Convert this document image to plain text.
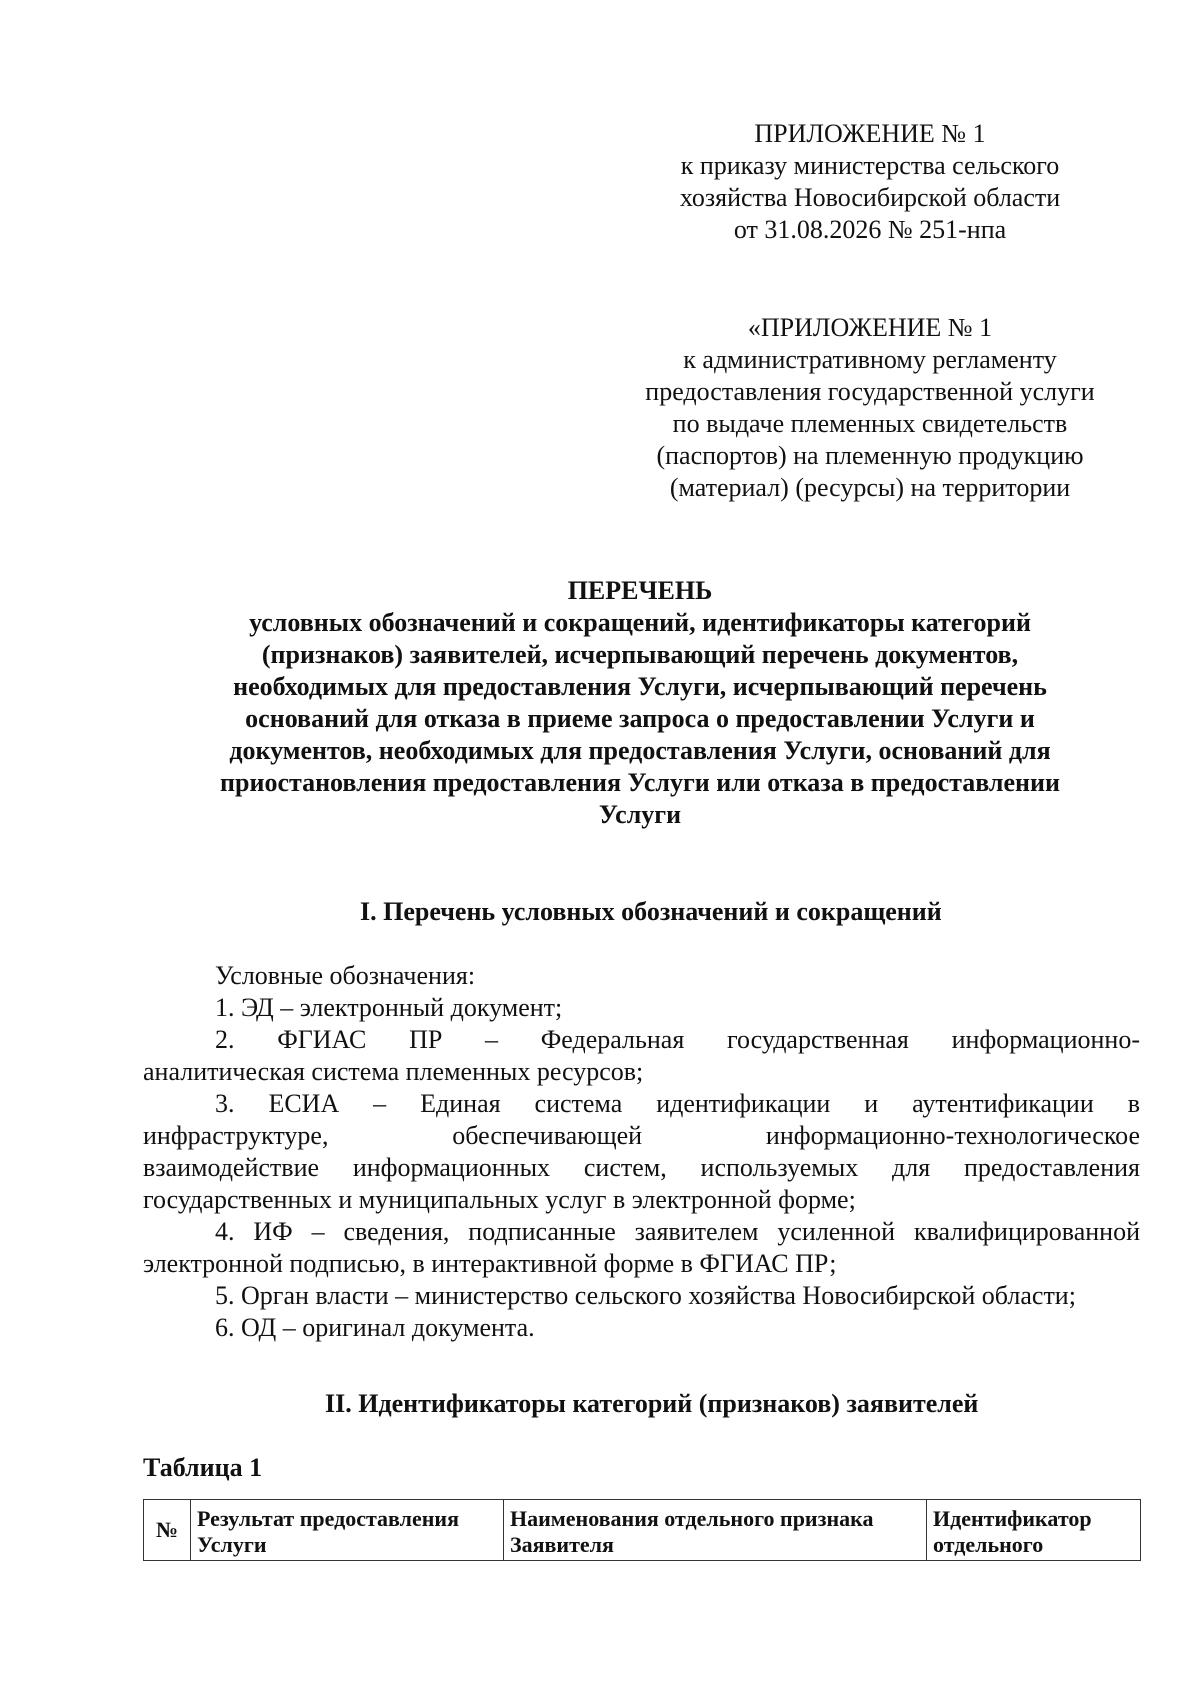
ПРИЛОЖЕНИЕ № 1
к приказу министерства сельского
хозяйства Новосибирской области
от 31.08.2026 № 251-нпа
«ПРИЛОЖЕНИЕ № 1
к административному регламенту
предоставления государственной услуги
по выдаче племенных свидетельств
(паспортов) на племенную продукцию
(материал) (ресурсы) на территории
ПЕРЕЧЕНЬ
условных обозначений и сокращений, идентификаторы категорий
(признаков) заявителей, исчерпывающий перечень документов,
необходимых для предоставления Услуги, исчерпывающий перечень
оснований для отказа в приеме запроса о предоставлении Услуги и
документов, необходимых для предоставления Услуги, оснований для
приостановления предоставления Услуги или отказа в предоставлении
Услуги
I. Перечень условных обозначений и сокращений
Условные обозначения:
1. ЭД – электронный документ;
2. ФГИАС ПР – Федеральная государственная информационно-
аналитическая система племенных ресурсов;
3. ЕСИА – Единая система идентификации и аутентификации в
инфраструктуре, обеспечивающей информационно-технологическое
взаимодействие информационных систем, используемых для предоставления
государственных и муниципальных услуг в электронной форме;
4. ИФ – сведения, подписанные заявителем усиленной квалифицированной
электронной подписью, в интерактивной форме в ФГИАС ПР;
5. Орган власти – министерство сельского хозяйства Новосибирской области;
6. ОД – оригинал документа.
II. Идентификаторы категорий (признаков) заявителей
Таблица 1
№	Результат предоставления Услуги	Наименования отдельного признака Заявителя	Идентификатор отдельного
